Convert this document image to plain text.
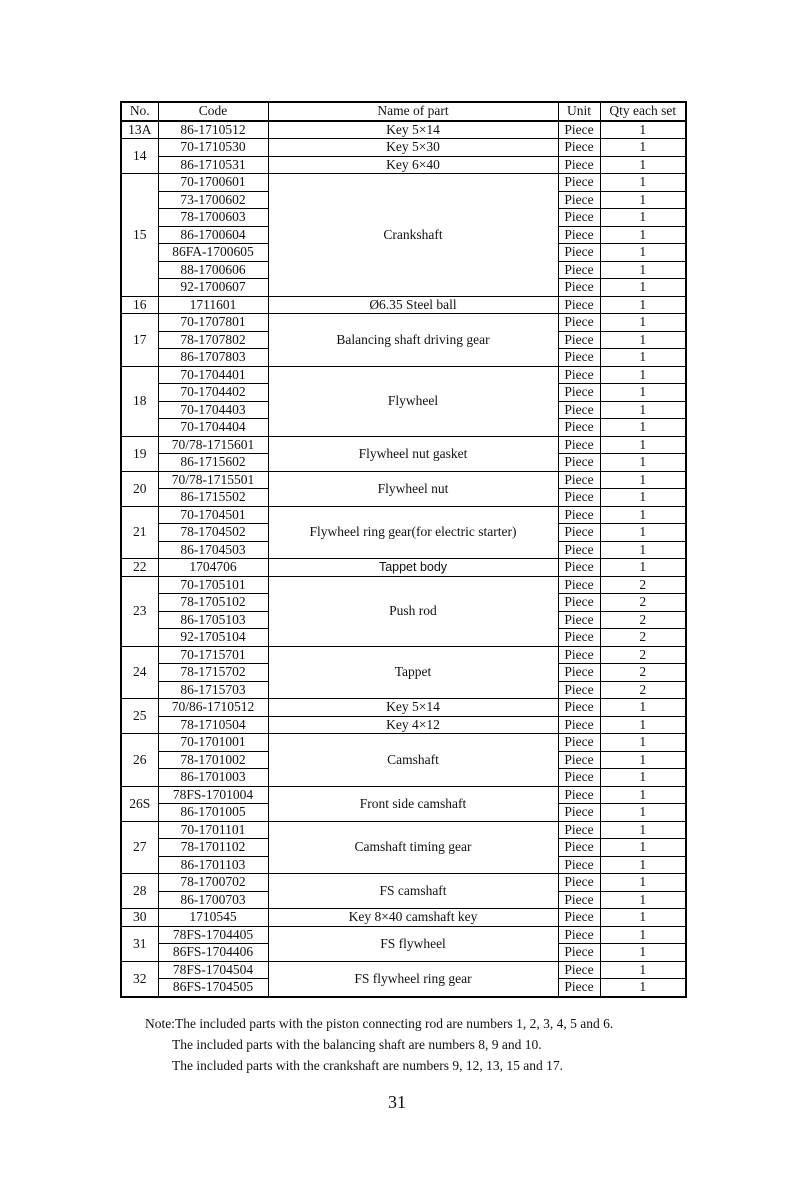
No.	Code	Name of part	Unit	Qty each set
13A	86-1710512	Key 5×14	Piece	1
14	70-1710530	Key 5×30	Piece	1
	86-1710531	Key 6×40	Piece	1
15	70-1700601	Crankshaft	Piece	1
	73-1700602		Piece	1
	78-1700603		Piece	1
	86-1700604		Piece	1
	86FA-1700605		Piece	1
	88-1700606		Piece	1
	92-1700607		Piece	1
16	1711601	Ø6.35 Steel ball	Piece	1
17	70-1707801	Balancing shaft driving gear	Piece	1
	78-1707802		Piece	1
	86-1707803		Piece	1
18	70-1704401	Flywheel	Piece	1
	70-1704402		Piece	1
	70-1704403		Piece	1
	70-1704404		Piece	1
19	70/78-1715601	Flywheel nut gasket	Piece	1
	86-1715602		Piece	1
20	70/78-1715501	Flywheel nut	Piece	1
	86-1715502		Piece	1
21	70-1704501	Flywheel ring gear(for electric starter)	Piece	1
	78-1704502		Piece	1
	86-1704503		Piece	1
22	1704706	Tappet body	Piece	1
23	70-1705101	Push rod	Piece	2
	78-1705102		Piece	2
	86-1705103		Piece	2
	92-1705104		Piece	2
24	70-1715701	Tappet	Piece	2
	78-1715702		Piece	2
	86-1715703		Piece	2
25	70/86-1710512	Key 5×14	Piece	1
	78-1710504	Key 4×12	Piece	1
26	70-1701001	Camshaft	Piece	1
	78-1701002		Piece	1
	86-1701003		Piece	1
26S	78FS-1701004	Front side camshaft	Piece	1
	86-1701005		Piece	1
27	70-1701101	Camshaft timing gear	Piece	1
	78-1701102		Piece	1
	86-1701103		Piece	1
28	78-1700702	FS camshaft	Piece	1
	86-1700703		Piece	1
30	1710545	Key 8×40 camshaft key	Piece	1
31	78FS-1704405	FS flywheel	Piece	1
	86FS-1704406		Piece	1
32	78FS-1704504	FS flywheel ring gear	Piece	1
	86FS-1704505		Piece	1
Note:The included parts with the piston connecting rod are numbers 1, 2, 3, 4, 5 and 6.
The included parts with the balancing shaft are numbers 8, 9 and 10.
The included parts with the crankshaft are numbers 9, 12, 13, 15 and 17.
31
